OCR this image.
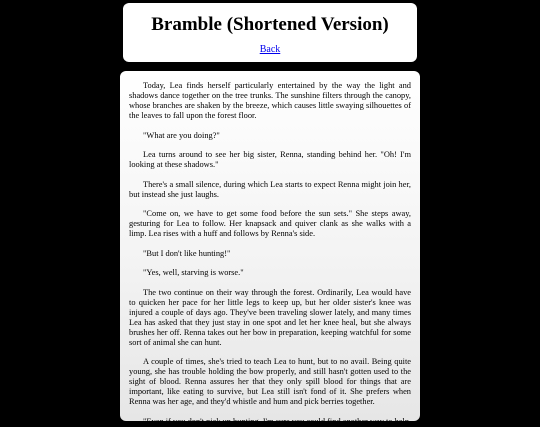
Bramble (Shortened Version)
Back

Today, Lea finds herself particularly entertained by the way the light and shadows dance together on the tree trunks. The sunshine filters through the canopy, whose branches are shaken by the breeze, which causes little swaying silhouettes of the leaves to fall upon the forest floor.

"What are you doing?"

Lea turns around to see her big sister, Renna, standing behind her. "Oh! I'm looking at these shadows."

There's a small silence, during which Lea starts to expect Renna might join her, but instead she just laughs.

"Come on, we have to get some food before the sun sets." She steps away, gesturing for Lea to follow. Her knapsack and quiver clank as she walks with a limp. Lea rises with a huff and follows by Renna's side.

"But I don't like hunting!"

"Yes, well, starving is worse."

The two continue on their way through the forest. Ordinarily, Lea would have to quicken her pace for her little legs to keep up, but her older sister's knee was injured a couple of days ago. They've been traveling slower lately, and many times Lea has asked that they just stay in one spot and let her knee heal, but she always brushes her off. Renna takes out her bow in preparation, keeping watchful for some sort of animal she can hunt.

A couple of times, she's tried to teach Lea to hunt, but to no avail. Being quite young, she has trouble holding the bow properly, and still hasn't gotten used to the sight of blood. Renna assures her that they only spill blood for things that are important, like eating to survive, but Lea still isn't fond of it. She prefers when Renna was her age, and they'd whistle and hum and pick berries together.

"Even if you don't pick up hunting, I'm sure you could find another way to help
